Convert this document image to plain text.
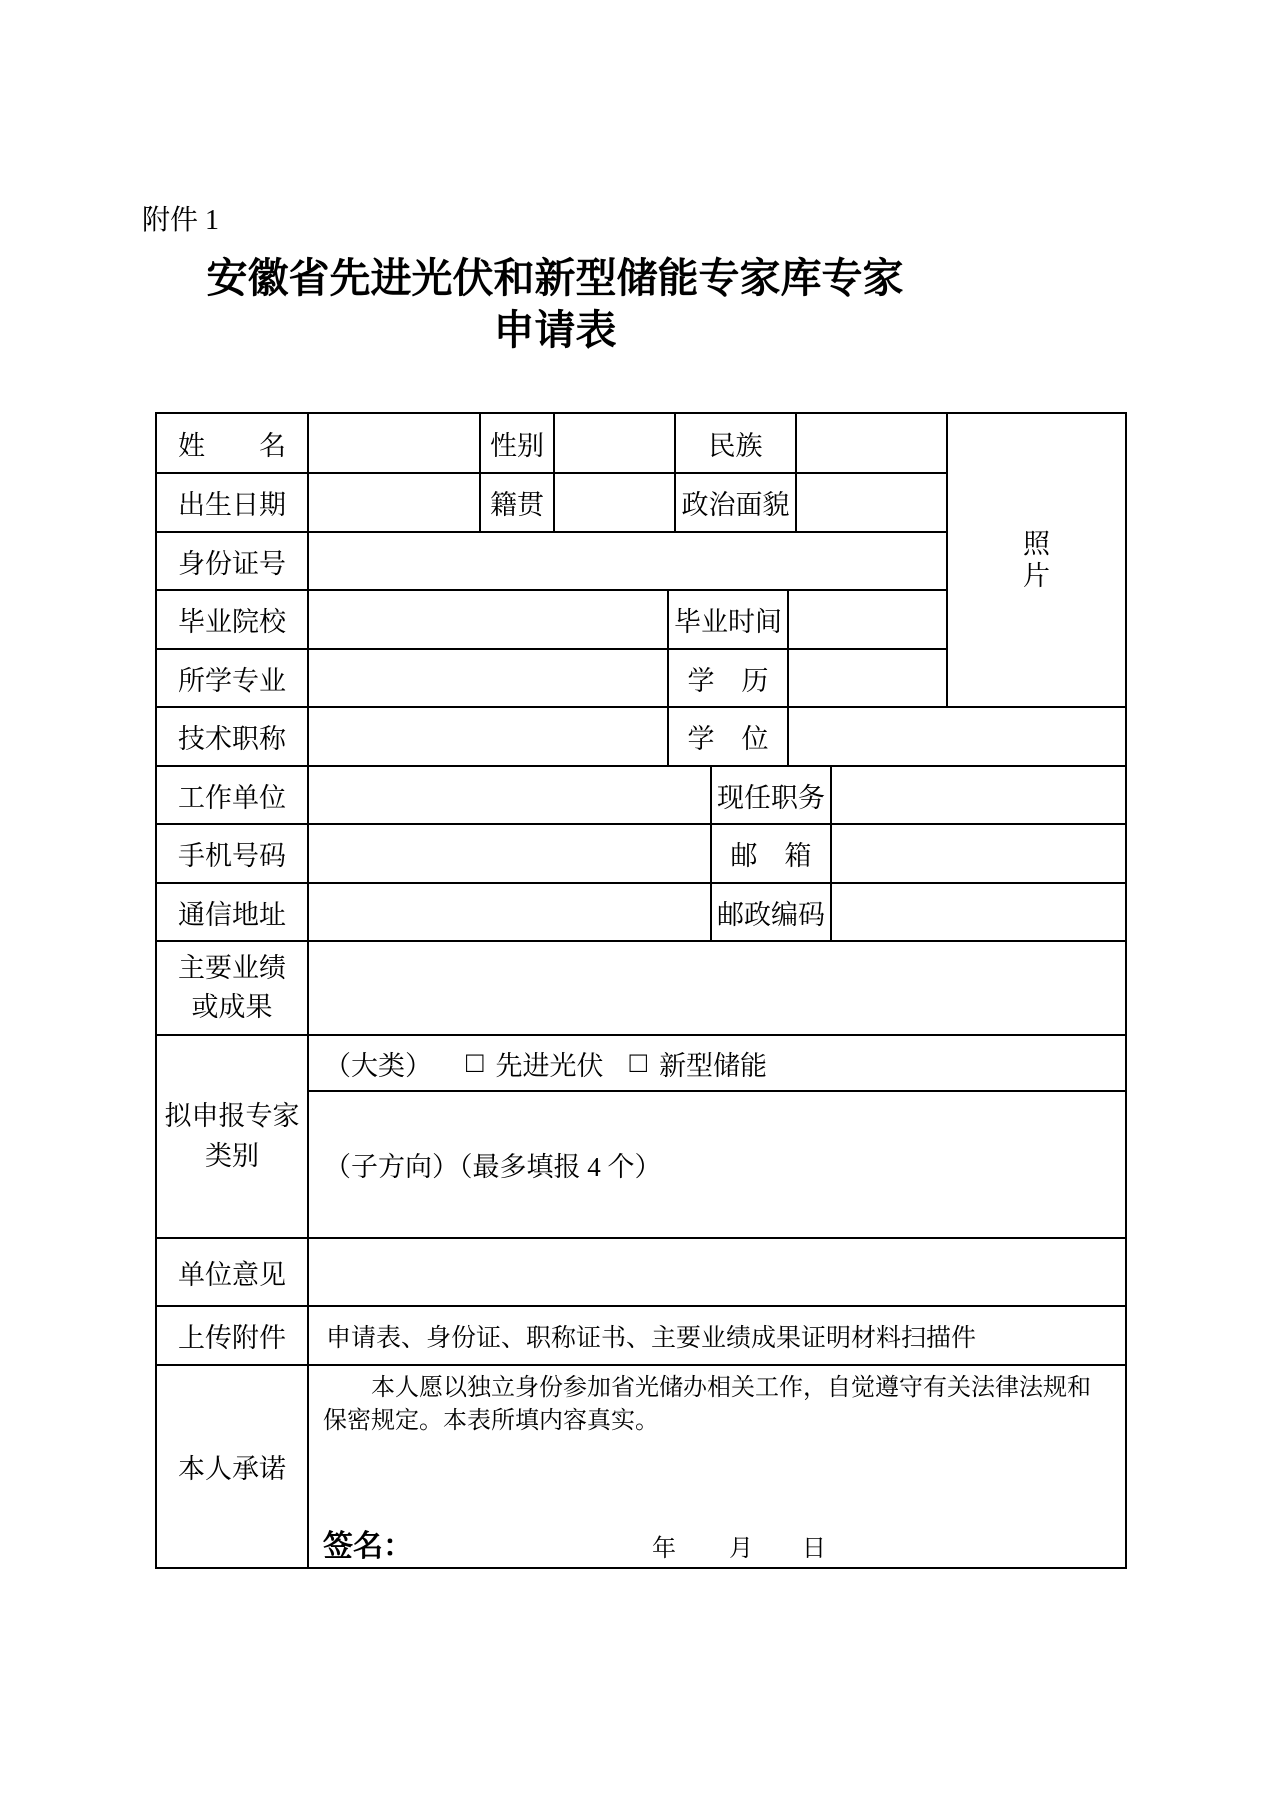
附件 1
安徽省先进光伏和新型储能专家库专家
申请表
姓　　名	性别	民族
照片
出生日期	籍贯	政治面貌
身份证号
毕业院校	毕业时间
所学专业	学　历
技术职称	学　位
工作单位	现任职务
手机号码	邮　箱
通信地址	邮政编码
主要业绩
或成果
拟申报专家
类别
（大类） □ 先进光伏 □ 新型储能
（子方向）（最多填报 4 个）
单位意见
上传附件	申请表、身份证、职称证书、主要业绩成果证明材料扫描件
本人承诺
本人愿以独立身份参加省光储办相关工作，自觉遵守有关法律法规和保密规定。本表所填内容真实。
签名：	年 月 日
